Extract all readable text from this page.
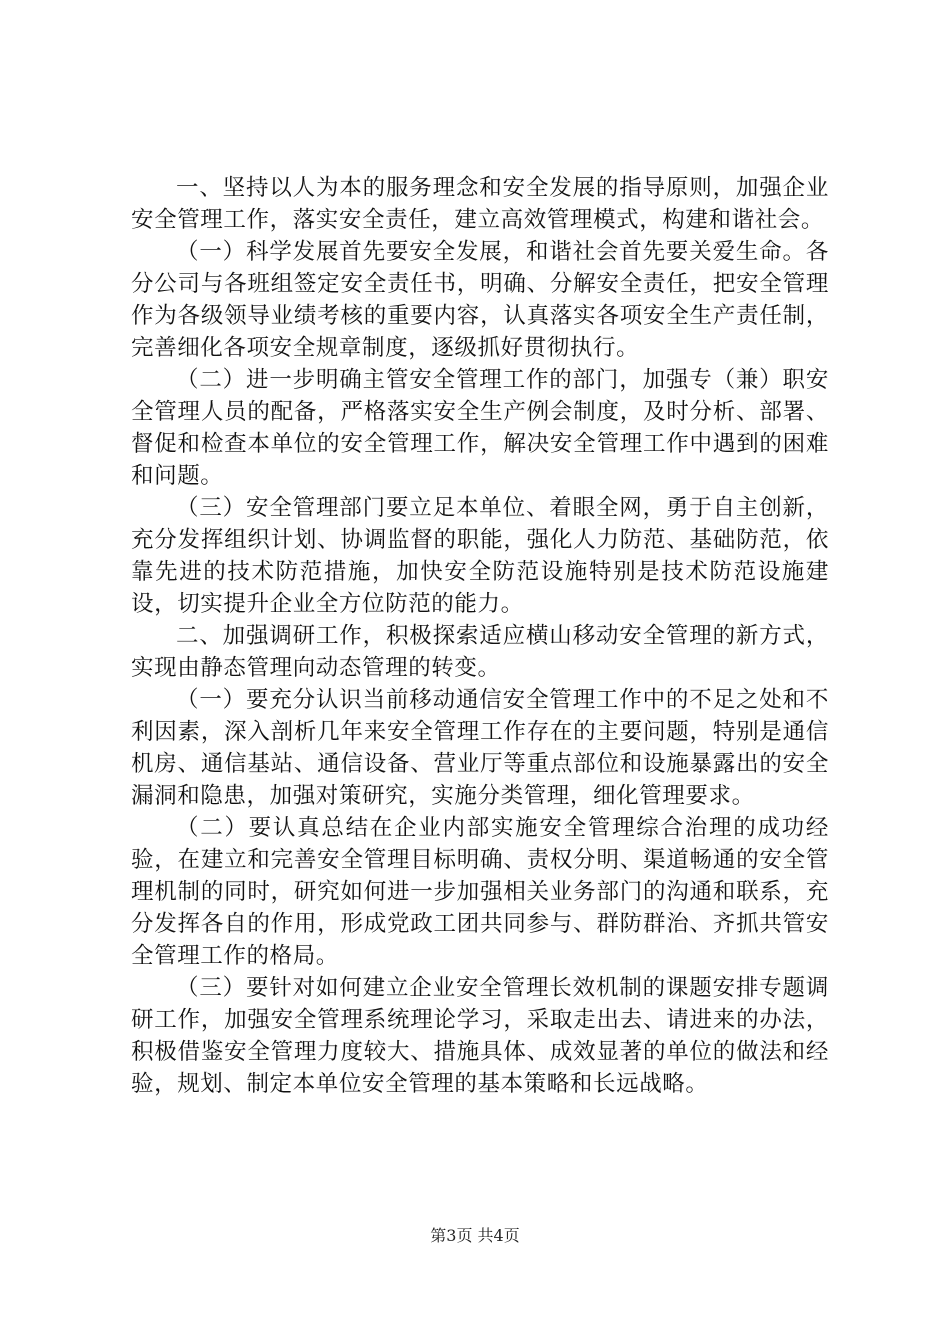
一、坚持以人为本的服务理念和安全发展的指导原则，加强企业安全管理工作，落实安全责任，建立高效管理模式，构建和谐社会。

（一）科学发展首先要安全发展，和谐社会首先要关爱生命。各分公司与各班组签定安全责任书，明确、分解安全责任，把安全管理作为各级领导业绩考核的重要内容，认真落实各项安全生产责任制，完善细化各项安全规章制度，逐级抓好贯彻执行。

（二）进一步明确主管安全管理工作的部门，加强专（兼）职安全管理人员的配备，严格落实安全生产例会制度，及时分析、部署、督促和检查本单位的安全管理工作，解决安全管理工作中遇到的困难和问题。

（三）安全管理部门要立足本单位、着眼全网，勇于自主创新，充分发挥组织计划、协调监督的职能，强化人力防范、基础防范，依靠先进的技术防范措施，加快安全防范设施特别是技术防范设施建设，切实提升企业全方位防范的能力。

二、加强调研工作，积极探索适应横山移动安全管理的新方式，实现由静态管理向动态管理的转变。

（一）要充分认识当前移动通信安全管理工作中的不足之处和不利因素，深入剖析几年来安全管理工作存在的主要问题，特别是通信机房、通信基站、通信设备、营业厅等重点部位和设施暴露出的安全漏洞和隐患，加强对策研究，实施分类管理，细化管理要求。

（二）要认真总结在企业内部实施安全管理综合治理的成功经验，在建立和完善安全管理目标明确、责权分明、渠道畅通的安全管理机制的同时，研究如何进一步加强相关业务部门的沟通和联系，充分发挥各自的作用，形成党政工团共同参与、群防群治、齐抓共管安全管理工作的格局。

（三）要针对如何建立企业安全管理长效机制的课题安排专题调研工作，加强安全管理系统理论学习，采取走出去、请进来的办法，积极借鉴安全管理力度较大、措施具体、成效显著的单位的做法和经验，规划、制定本单位安全管理的基本策略和长远战略。

第3页 共4页
